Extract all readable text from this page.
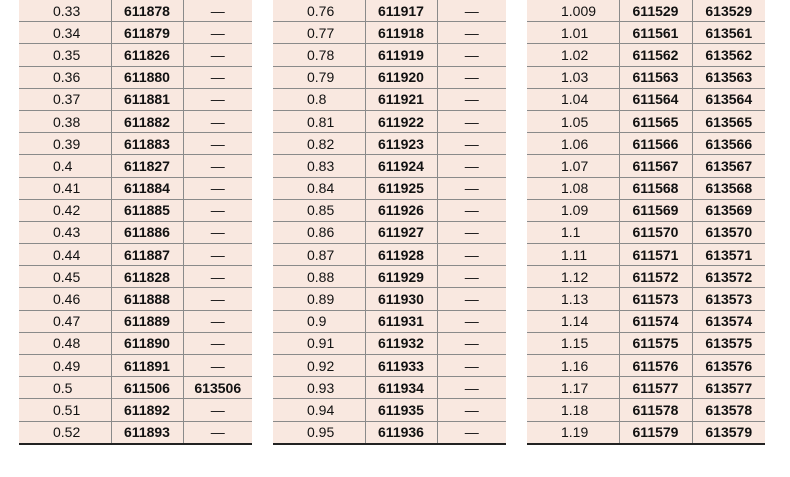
0.33	611878	—
0.34	611879	—
0.35	611826	—
0.36	611880	—
0.37	611881	—
0.38	611882	—
0.39	611883	—
0.4	611827	—
0.41	611884	—
0.42	611885	—
0.43	611886	—
0.44	611887	—
0.45	611828	—
0.46	611888	—
0.47	611889	—
0.48	611890	—
0.49	611891	—
0.5	611506	613506
0.51	611892	—
0.52	611893	—
0.76	611917	—
0.77	611918	—
0.78	611919	—
0.79	611920	—
0.8	611921	—
0.81	611922	—
0.82	611923	—
0.83	611924	—
0.84	611925	—
0.85	611926	—
0.86	611927	—
0.87	611928	—
0.88	611929	—
0.89	611930	—
0.9	611931	—
0.91	611932	—
0.92	611933	—
0.93	611934	—
0.94	611935	—
0.95	611936	—
1.009	611529	613529
1.01	611561	613561
1.02	611562	613562
1.03	611563	613563
1.04	611564	613564
1.05	611565	613565
1.06	611566	613566
1.07	611567	613567
1.08	611568	613568
1.09	611569	613569
1.1	611570	613570
1.11	611571	613571
1.12	611572	613572
1.13	611573	613573
1.14	611574	613574
1.15	611575	613575
1.16	611576	613576
1.17	611577	613577
1.18	611578	613578
1.19	611579	613579
